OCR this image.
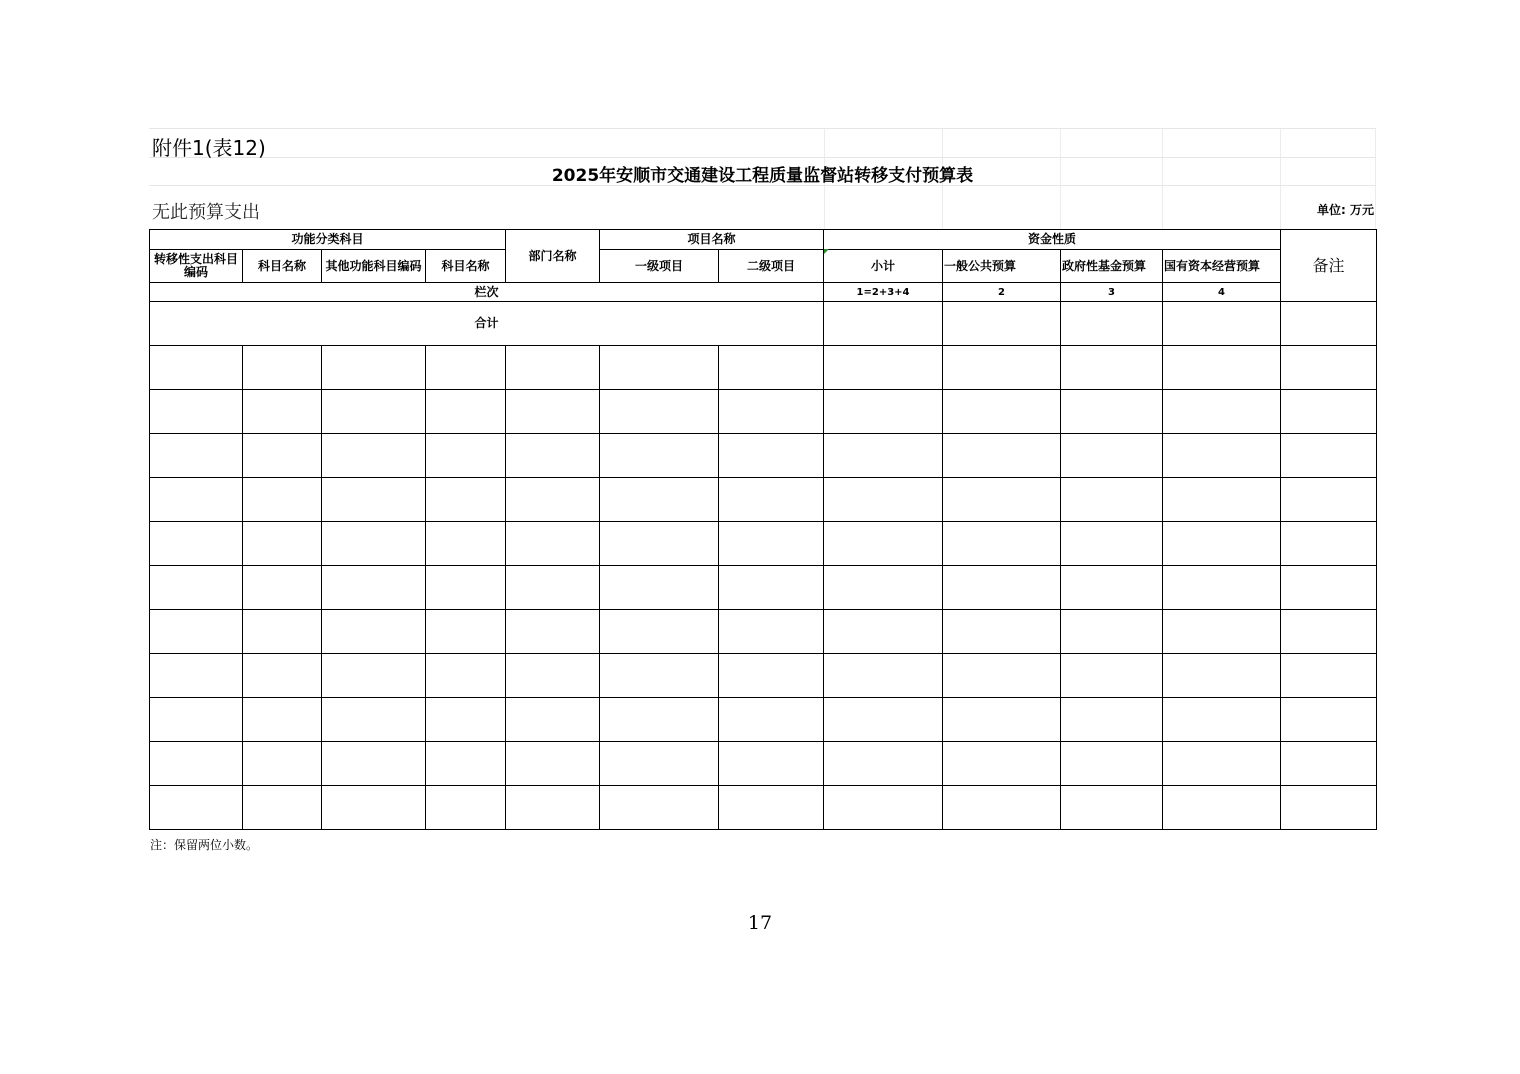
附件1(表12)
2025年安顺市交通建设工程质量监督站转移支付预算表
无此预算支出	单位: 万元
功能分类科目				部门名称	项目名称		资金性质				备注
转移性支出科目编码	科目名称	其他功能科目编码	科目名称		一级项目	二级项目	小计	一般公共预算	政府性基金预算	国有资本经营预算	
栏次							1=2+3+4	2	3	4	
合计											

注：保留两位小数。
17
